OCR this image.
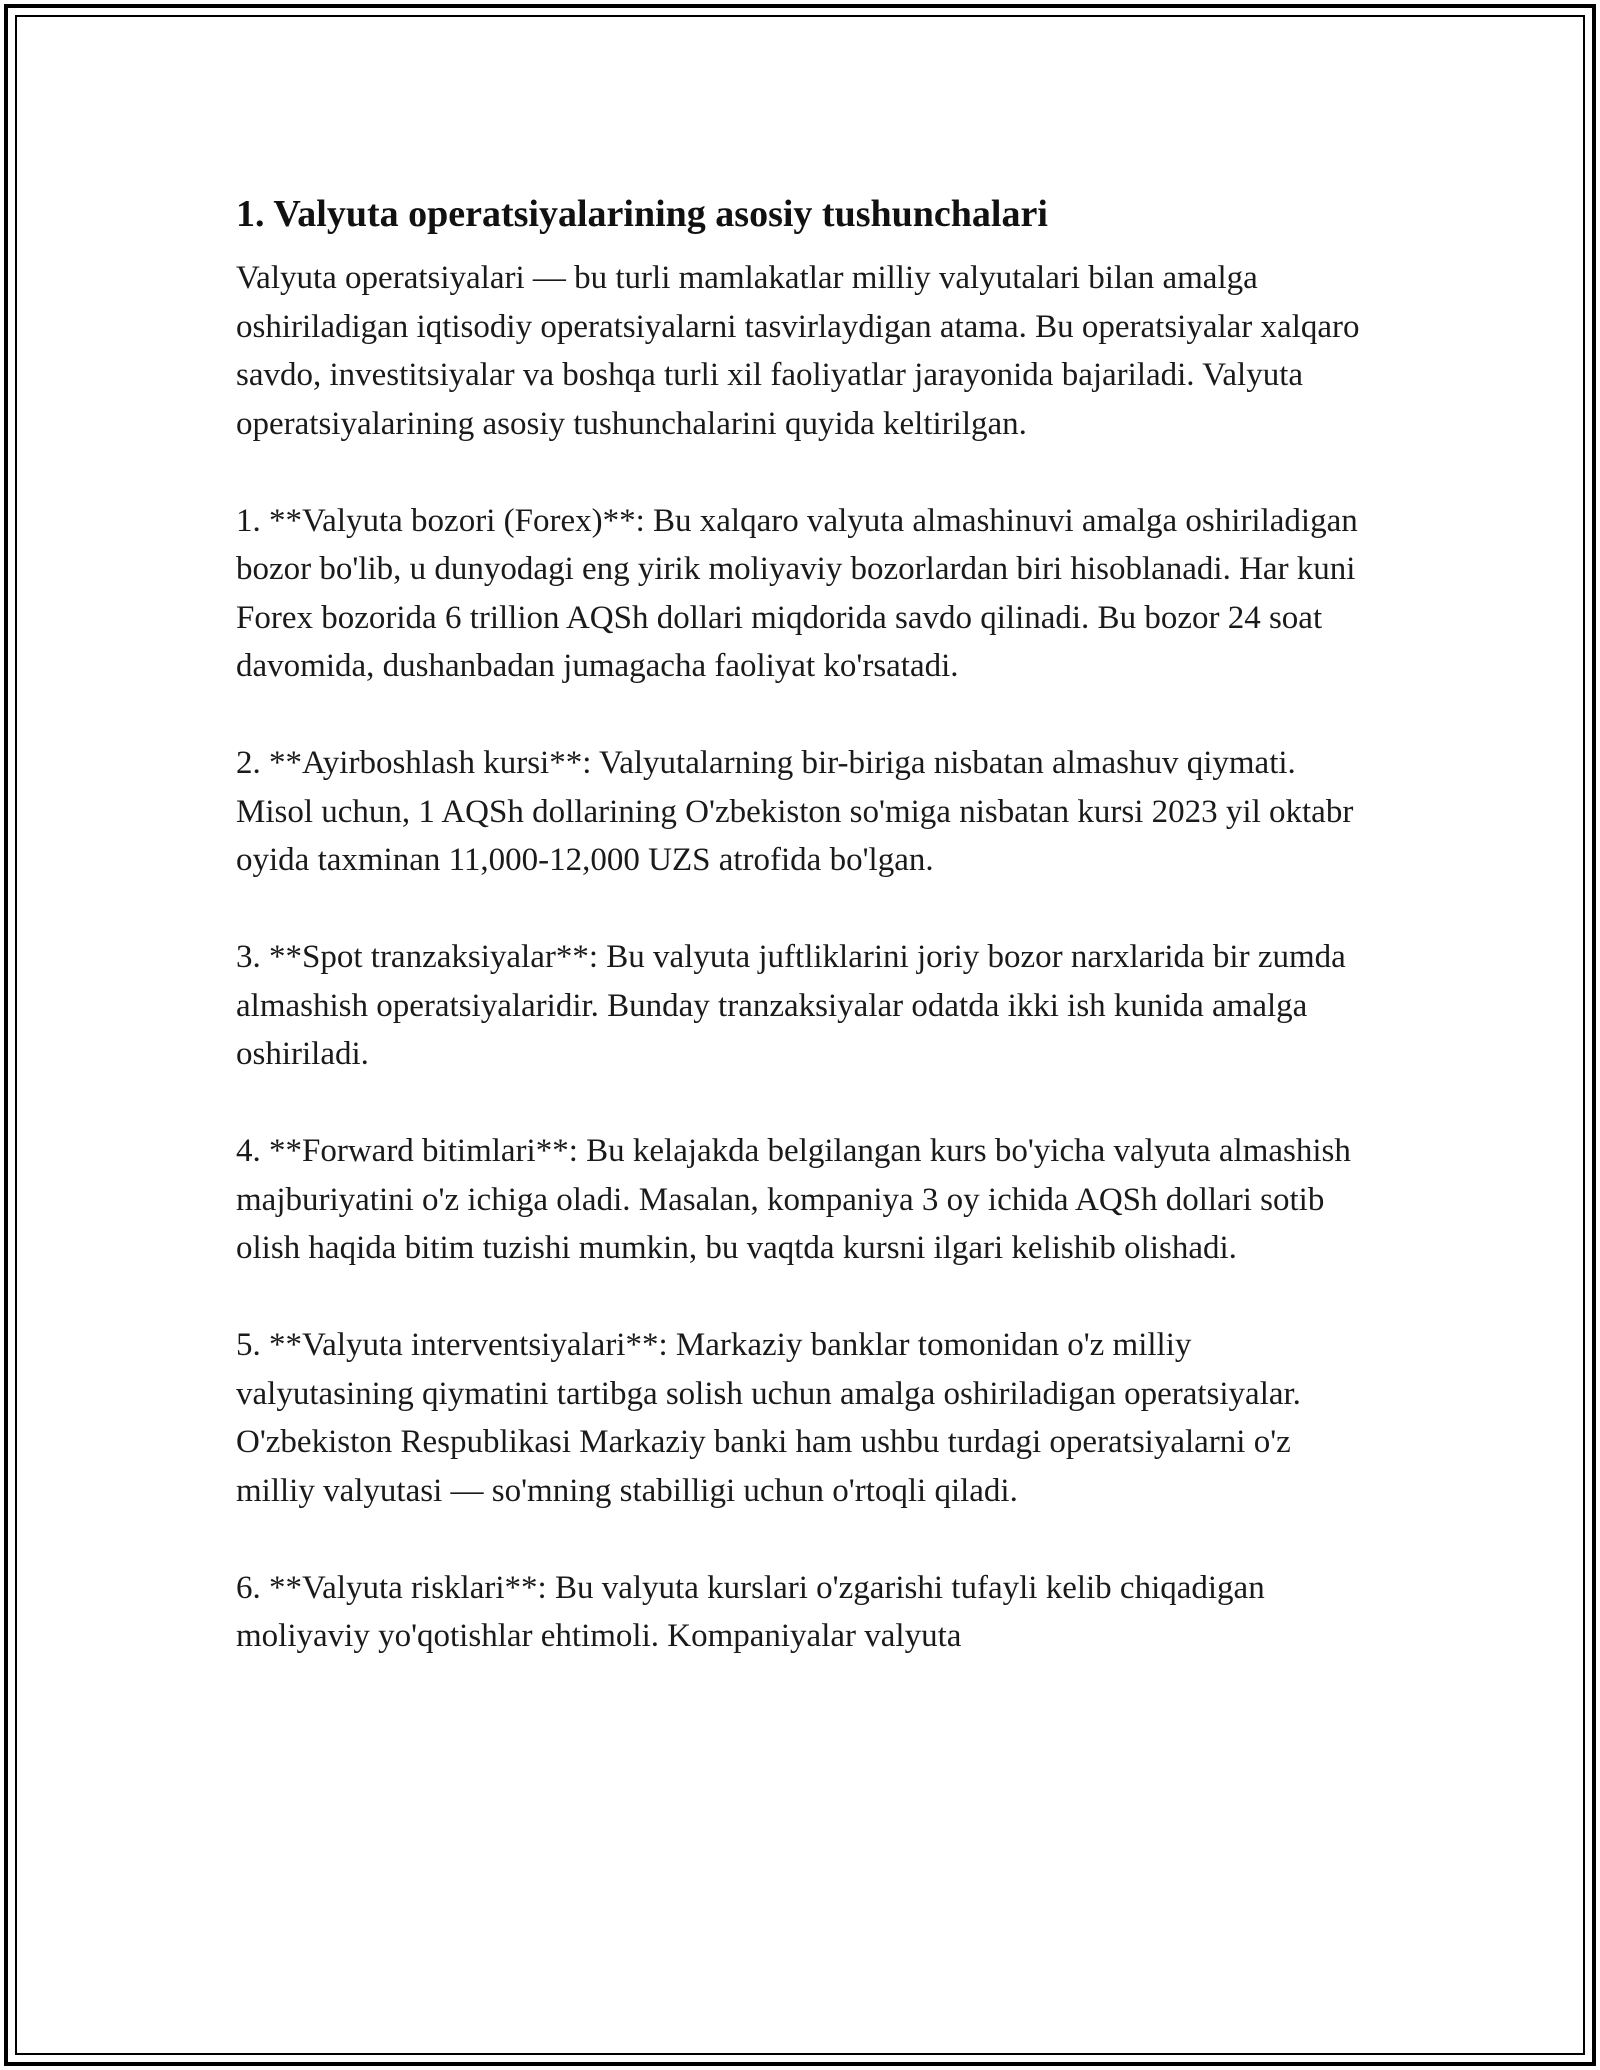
1. Valyuta operatsiyalarining asosiy tushunchalari

Valyuta operatsiyalari — bu turli mamlakatlar milliy valyutalari bilan amalga oshiriladigan iqtisodiy operatsiyalarni tasvirlaydigan atama. Bu operatsiyalar xalqaro savdo, investitsiyalar va boshqa turli xil faoliyatlar jarayonida bajariladi. Valyuta operatsiyalarining asosiy tushunchalarini quyida keltirilgan.

1. **Valyuta bozori (Forex)**: Bu xalqaro valyuta almashinuvi amalga oshiriladigan bozor bo'lib, u dunyodagi eng yirik moliyaviy bozorlardan biri hisoblanadi. Har kuni Forex bozorida 6 trillion AQSh dollari miqdorida savdo qilinadi. Bu bozor 24 soat davomida, dushanbadan jumagacha faoliyat ko'rsatadi.

2. **Ayirboshlash kursi**: Valyutalarning bir-biriga nisbatan almashuv qiymati. Misol uchun, 1 AQSh dollarining O'zbekiston so'miga nisbatan kursi 2023 yil oktabr oyida taxminan 11,000-12,000 UZS atrofida bo'lgan.

3. **Spot tranzaksiyalar**: Bu valyuta juftliklarini joriy bozor narxlarida bir zumda almashish operatsiyalaridir. Bunday tranzaksiyalar odatda ikki ish kunida amalga oshiriladi.

4. **Forward bitimlari**: Bu kelajakda belgilangan kurs bo'yicha valyuta almashish majburiyatini o'z ichiga oladi. Masalan, kompaniya 3 oy ichida AQSh dollari sotib olish haqida bitim tuzishi mumkin, bu vaqtda kursni ilgari kelishib olishadi.

5. **Valyuta interventsiyalari**: Markaziy banklar tomonidan o'z milliy valyutasining qiymatini tartibga solish uchun amalga oshiriladigan operatsiyalar. O'zbekiston Respublikasi Markaziy banki ham ushbu turdagi operatsiyalarni o'z milliy valyutasi — so'mning stabilligi uchun o'rtoqli qiladi.

6. **Valyuta risklari**: Bu valyuta kurslari o'zgarishi tufayli kelib chiqadigan moliyaviy yo'qotishlar ehtimoli. Kompaniyalar valyuta
